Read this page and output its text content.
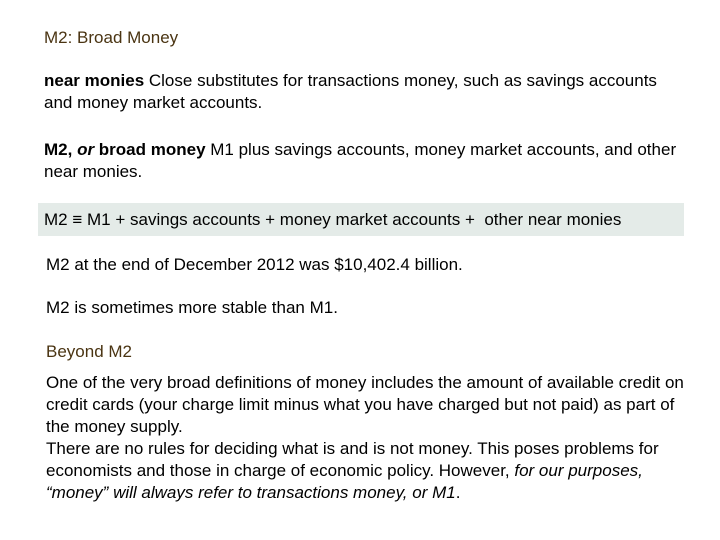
M2: Broad Money
near monies Close substitutes for transactions money, such as savings accounts and money market accounts.
M2, or broad money M1 plus savings accounts, money market accounts, and other near monies.
M2 ≡ M1 + savings accounts + money market accounts +  other near monies
M2 at the end of December 2012 was $10,402.4 billion.
M2 is sometimes more stable than M1.
Beyond M2
One of the very broad definitions of money includes the amount of available credit on credit cards (your charge limit minus what you have charged but not paid) as part of the money supply.
There are no rules for deciding what is and is not money. This poses problems for economists and those in charge of economic policy. However, for our purposes, “money” will always refer to transactions money, or M1.
